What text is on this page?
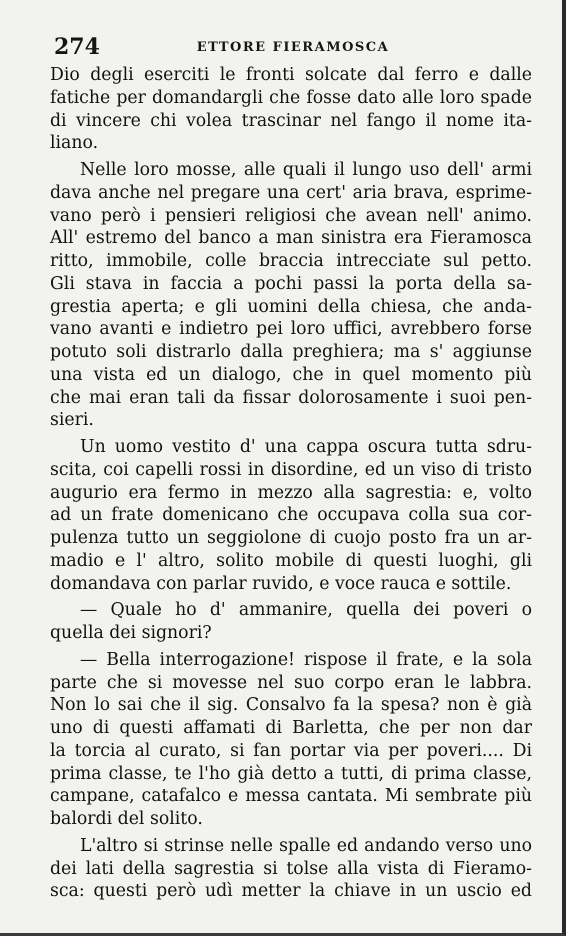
274	ETTORE FIERAMOSCA

Dio degli eserciti le fronti solcate dal ferro e dalle

fatiche per domandargli che fosse dato alle loro spade

di vincere chi volea trascinar nel fango il nome ita-

liano.

Nelle loro mosse, alle quali il lungo uso dell' armi

dava anche nel pregare una cert' aria brava, esprime-

vano però i pensieri religiosi che avean nell' animo.

All' estremo del banco a man sinistra era Fieramosca

ritto, immobile, colle braccia intrecciate sul petto.

Gli stava in faccia a pochi passi la porta della sa-

grestia aperta; e gli uomini della chiesa, che anda-

vano avanti e indietro pei loro uffici, avrebbero forse

potuto soli distrarlo dalla preghiera; ma s' aggiunse

una vista ed un dialogo, che in quel momento più

che mai eran tali da fissar dolorosamente i suoi pen-

sieri.

Un uomo vestito d' una cappa oscura tutta sdru-

scita, coi capelli rossi in disordine, ed un viso di tristo

augurio era fermo in mezzo alla sagrestia: e, volto

ad un frate domenicano che occupava colla sua cor-

pulenza tutto un seggiolone di cuojo posto fra un ar-

madio e l' altro, solito mobile di questi luoghi, gli

domandava con parlar ruvido, e voce rauca e sottile.

— Quale ho d' ammanire, quella dei poveri o

quella dei signori?

— Bella interrogazione! rispose il frate, e la sola

parte che si movesse nel suo corpo eran le labbra.

Non lo sai che il sig. Consalvo fa la spesa? non è già

uno di questi affamati di Barletta, che per non dar

la torcia al curato, si fan portar via per poveri.... Di

prima classe, te l'ho già detto a tutti, di prima classe,

campane, catafalco e messa cantata. Mi sembrate più

balordi del solito.

L'altro si strinse nelle spalle ed andando verso uno

dei lati della sagrestia si tolse alla vista di Fieramo-

sca: questi però udì metter la chiave in un uscio ed
